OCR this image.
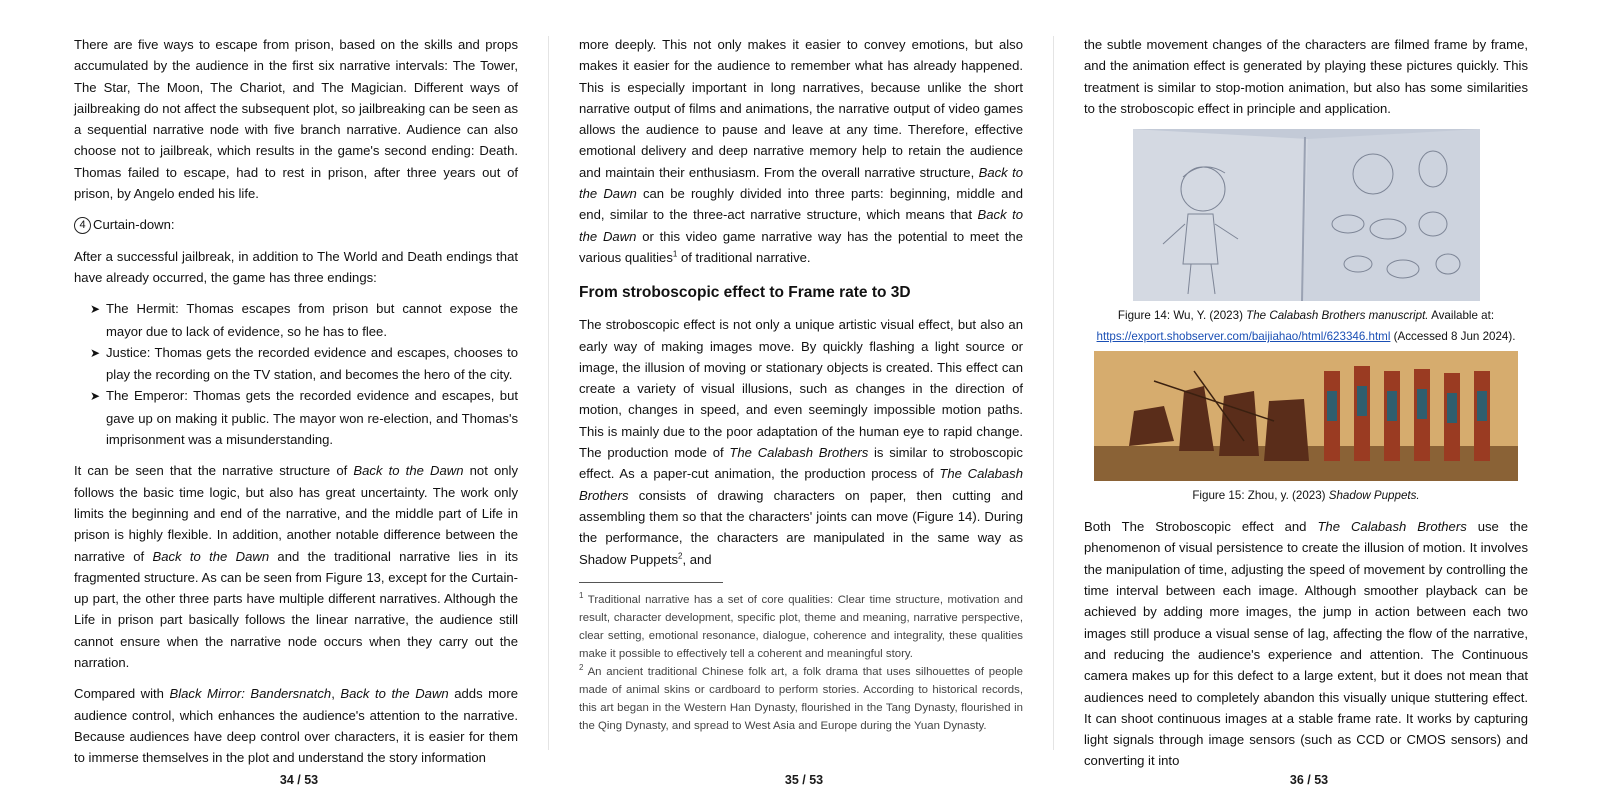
There are five ways to escape from prison, based on the skills and props accumulated by the audience in the first six narrative intervals: The Tower, The Star, The Moon, The Chariot, and The Magician. Different ways of jailbreaking do not affect the subsequent plot, so jailbreaking can be seen as a sequential narrative node with five branch narrative. Audience can also choose not to jailbreak, which results in the game's second ending: Death. Thomas failed to escape, had to rest in prison, after three years out of prison, by Angelo ended his life.

4 Curtain-down:

After a successful jailbreak, in addition to The World and Death endings that have already occurred, the game has three endings:

➤ The Hermit: Thomas escapes from prison but cannot expose the mayor due to lack of evidence, so he has to flee.
➤ Justice: Thomas gets the recorded evidence and escapes, chooses to play the recording on the TV station, and becomes the hero of the city.
➤ The Emperor: Thomas gets the recorded evidence and escapes, but gave up on making it public. The mayor won re-election, and Thomas's imprisonment was a misunderstanding.

It can be seen that the narrative structure of Back to the Dawn not only follows the basic time logic, but also has great uncertainty. The work only limits the beginning and end of the narrative, and the middle part of Life in prison is highly flexible. In addition, another notable difference between the narrative of Back to the Dawn and the traditional narrative lies in its fragmented structure. As can be seen from Figure 13, except for the Curtain-up part, the other three parts have multiple different narratives. Although the Life in prison part basically follows the linear narrative, the audience still cannot ensure when the narrative node occurs when they carry out the narration.

Compared with Black Mirror: Bandersnatch, Back to the Dawn adds more audience control, which enhances the audience's attention to the narrative. Because audiences have deep control over characters, it is easier for them to immerse themselves in the plot and understand the story information

34 / 53

more deeply. This not only makes it easier to convey emotions, but also makes it easier for the audience to remember what has already happened. This is especially important in long narratives, because unlike the short narrative output of films and animations, the narrative output of video games allows the audience to pause and leave at any time. Therefore, effective emotional delivery and deep narrative memory help to retain the audience and maintain their enthusiasm. From the overall narrative structure, Back to the Dawn can be roughly divided into three parts: beginning, middle and end, similar to the three-act narrative structure, which means that Back to the Dawn or this video game narrative way has the potential to meet the various qualities$^1$ of traditional narrative.

From stroboscopic effect to Frame rate to 3D

The stroboscopic effect is not only a unique artistic visual effect, but also an early way of making images move. By quickly flashing a light source or image, the illusion of moving or stationary objects is created. This effect can create a variety of visual illusions, such as changes in the direction of motion, changes in speed, and even seemingly impossible motion paths. This is mainly due to the poor adaptation of the human eye to rapid change. The production mode of The Calabash Brothers is similar to stroboscopic effect. As a paper-cut animation, the production process of The Calabash Brothers consists of drawing characters on paper, then cutting and assembling them so that the characters' joints can move (Figure 14). During the performance, the characters are manipulated in the same way as Shadow Puppets$^2$, and

$^1$ Traditional narrative has a set of core qualities: Clear time structure, motivation and result, character development, specific plot, theme and meaning, narrative perspective, clear setting, emotional resonance, dialogue, coherence and integrality, these qualities make it possible to effectively tell a coherent and meaningful story.

$^2$ An ancient traditional Chinese folk art, a folk drama that uses silhouettes of people made of animal skins or cardboard to perform stories. According to historical records, this art began in the Western Han Dynasty, flourished in the Tang Dynasty, flourished in the Qing Dynasty, and spread to West Asia and Europe during the Yuan Dynasty.

35 / 53

the subtle movement changes of the characters are filmed frame by frame, and the animation effect is generated by playing these pictures quickly. This treatment is similar to stop-motion animation, but also has some similarities to the stroboscopic effect in principle and application.

Figure 14: Wu, Y. (2023) The Calabash Brothers manuscript. Available at:

https://export.shobserver.com/baijiahao/html/623346.html (Accessed 8 Jun 2024).

Figure 15: Zhou, y. (2023) Shadow Puppets.

Both The Stroboscopic effect and The Calabash Brothers use the phenomenon of visual persistence to create the illusion of motion. It involves the manipulation of time, adjusting the speed of movement by controlling the time interval between each image. Although smoother playback can be achieved by adding more images, the jump in action between each two images still produce a visual sense of lag, affecting the flow of the narrative, and reducing the audience's experience and attention. The Continuous camera makes up for this defect to a large extent, but it does not mean that audiences need to completely abandon this visually unique stuttering effect. It can shoot continuous images at a stable frame rate. It works by capturing light signals through image sensors (such as CCD or CMOS sensors) and converting it into

36 / 53
